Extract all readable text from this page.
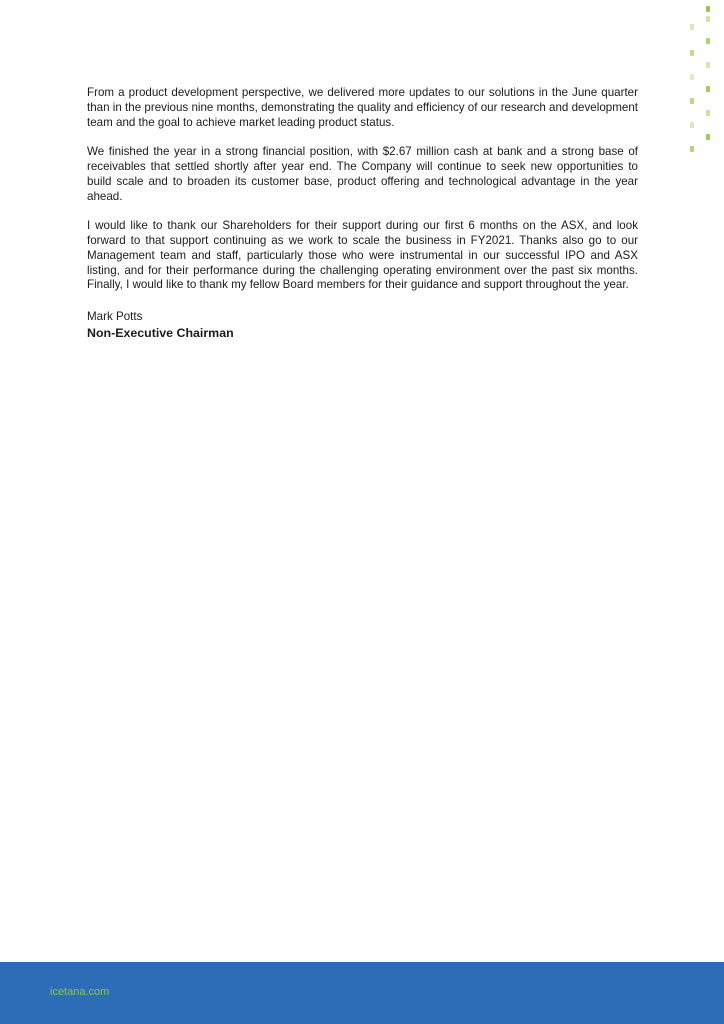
From a product development perspective, we delivered more updates to our solutions in the June quarter than in the previous nine months, demonstrating the quality and efficiency of our research and development team and the goal to achieve market leading product status.

We finished the year in a strong financial position, with $2.67 million cash at bank and a strong base of receivables that settled shortly after year end. The Company will continue to seek new opportunities to build scale and to broaden its customer base, product offering and technological advantage in the year ahead.

I would like to thank our Shareholders for their support during our first 6 months on the ASX, and look forward to that support continuing as we work to scale the business in FY2021. Thanks also go to our Management team and staff, particularly those who were instrumental in our successful IPO and ASX listing, and for their performance during the challenging operating environment over the past six months. Finally, I would like to thank my fellow Board members for their guidance and support throughout the year.

Mark Potts

Non-Executive Chairman

icetana.com
